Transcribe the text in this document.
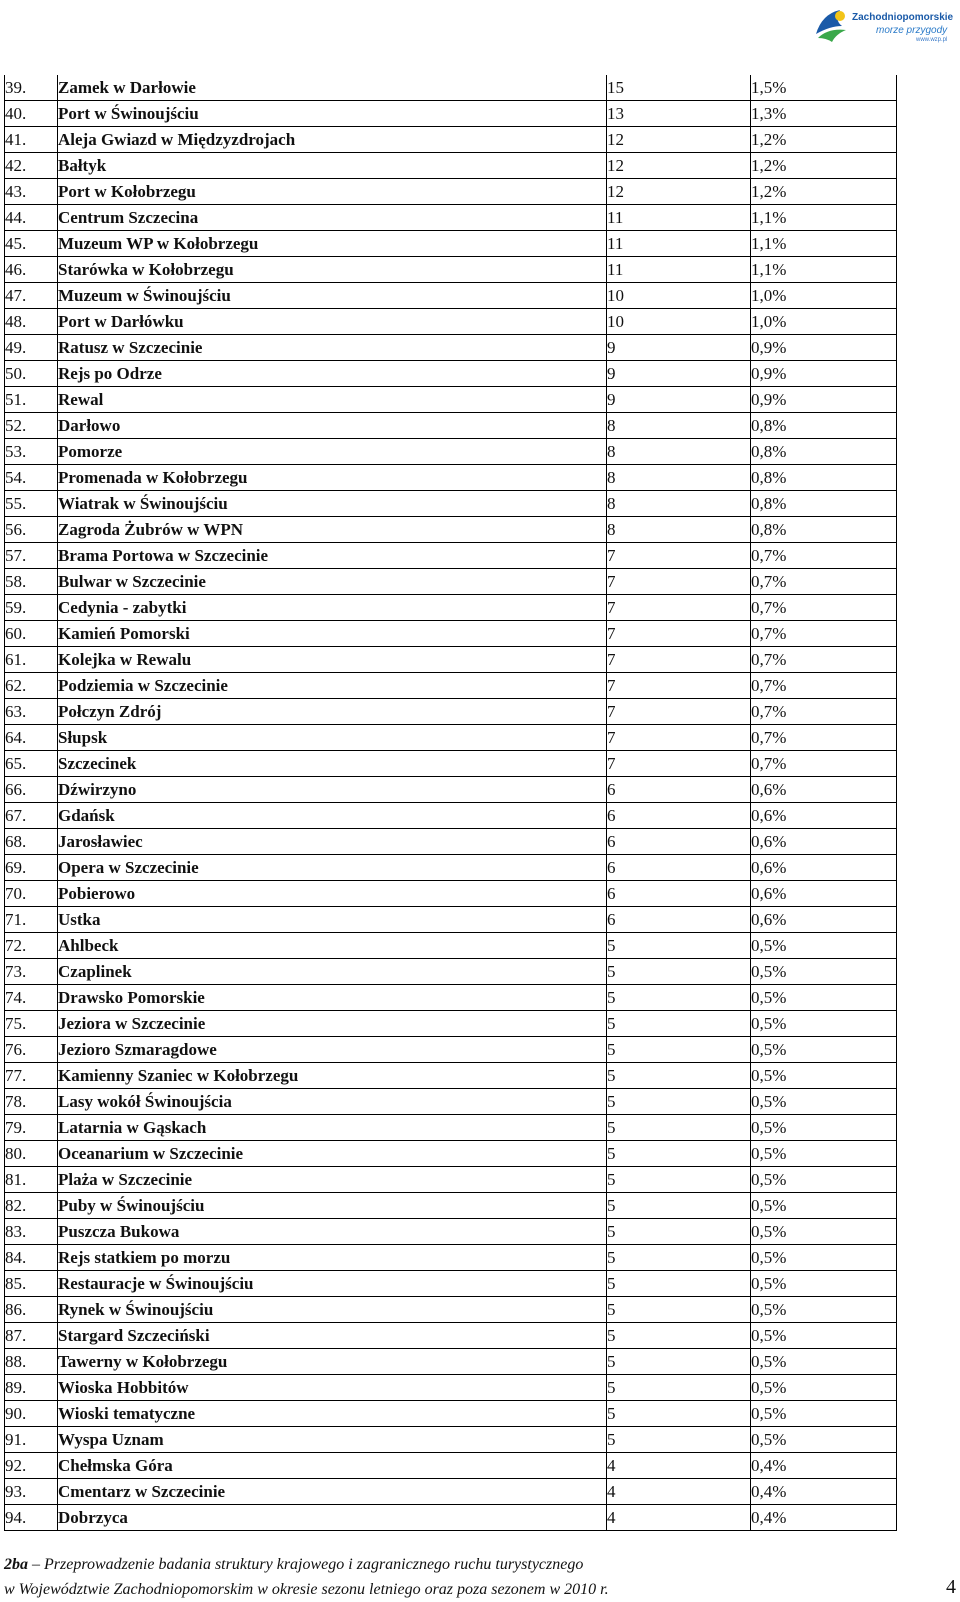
Zachodniopomorskie
morze przygody
www.wzp.pl
39.	Zamek w Darłowie	15	1,5%
40.	Port w Świnoujściu	13	1,3%
41.	Aleja Gwiazd w Międzyzdrojach	12	1,2%
42.	Bałtyk	12	1,2%
43.	Port w Kołobrzegu	12	1,2%
44.	Centrum Szczecina	11	1,1%
45.	Muzeum WP w Kołobrzegu	11	1,1%
46.	Starówka w Kołobrzegu	11	1,1%
47.	Muzeum w Świnoujściu	10	1,0%
48.	Port w Darłówku	10	1,0%
49.	Ratusz w Szczecinie	9	0,9%
50.	Rejs po Odrze	9	0,9%
51.	Rewal	9	0,9%
52.	Darłowo	8	0,8%
53.	Pomorze	8	0,8%
54.	Promenada w Kołobrzegu	8	0,8%
55.	Wiatrak w Świnoujściu	8	0,8%
56.	Zagroda Żubrów w WPN	8	0,8%
57.	Brama Portowa w Szczecinie	7	0,7%
58.	Bulwar w Szczecinie	7	0,7%
59.	Cedynia - zabytki	7	0,7%
60.	Kamień Pomorski	7	0,7%
61.	Kolejka w Rewalu	7	0,7%
62.	Podziemia w Szczecinie	7	0,7%
63.	Połczyn Zdrój	7	0,7%
64.	Słupsk	7	0,7%
65.	Szczecinek	7	0,7%
66.	Dźwirzyno	6	0,6%
67.	Gdańsk	6	0,6%
68.	Jarosławiec	6	0,6%
69.	Opera w Szczecinie	6	0,6%
70.	Pobierowo	6	0,6%
71.	Ustka	6	0,6%
72.	Ahlbeck	5	0,5%
73.	Czaplinek	5	0,5%
74.	Drawsko Pomorskie	5	0,5%
75.	Jeziora w Szczecinie	5	0,5%
76.	Jezioro Szmaragdowe	5	0,5%
77.	Kamienny Szaniec w Kołobrzegu	5	0,5%
78.	Lasy wokół Świnoujścia	5	0,5%
79.	Latarnia w Gąskach	5	0,5%
80.	Oceanarium w Szczecinie	5	0,5%
81.	Plaża w Szczecinie	5	0,5%
82.	Puby w Świnoujściu	5	0,5%
83.	Puszcza Bukowa	5	0,5%
84.	Rejs statkiem po morzu	5	0,5%
85.	Restauracje w Świnoujściu	5	0,5%
86.	Rynek w Świnoujściu	5	0,5%
87.	Stargard Szczeciński	5	0,5%
88.	Tawerny w Kołobrzegu	5	0,5%
89.	Wioska Hobbitów	5	0,5%
90.	Wioski tematyczne	5	0,5%
91.	Wyspa Uznam	5	0,5%
92.	Chełmska Góra	4	0,4%
93.	Cmentarz w Szczecinie	4	0,4%
94.	Dobrzyca	4	0,4%
2ba – Przeprowadzenie badania struktury krajowego i zagranicznego ruchu turystycznego
w Województwie Zachodniopomorskim w okresie sezonu letniego oraz poza sezonem w 2010 r.	4
